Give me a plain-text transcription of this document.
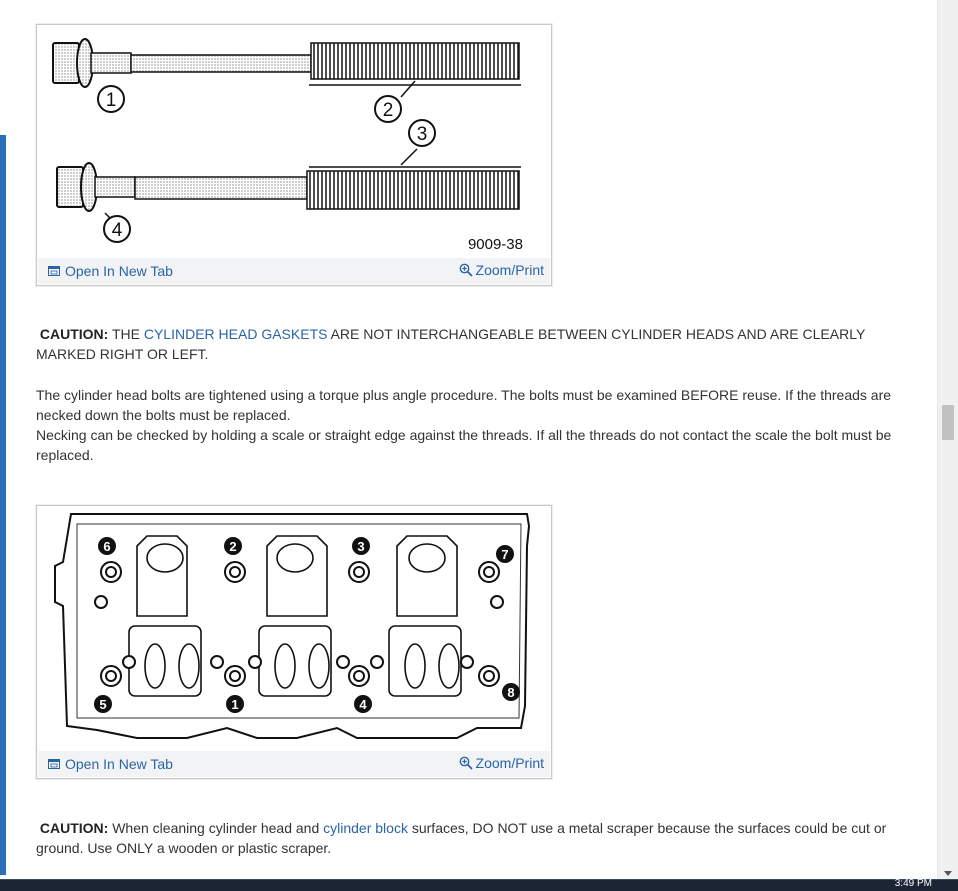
1	2
3
4
9009-38
Open In New Tab	Zoom/Print
CAUTION: THE CYLINDER HEAD GASKETS ARE NOT INTERCHANGEABLE BETWEEN CYLINDER HEADS AND ARE CLEARLY MARKED RIGHT OR LEFT.
The cylinder head bolts are tightened using a torque plus angle procedure. The bolts must be examined BEFORE reuse. If the threads are necked down the bolts must be replaced.
Necking can be checked by holding a scale or straight edge against the threads. If all the threads do not contact the scale the bolt must be replaced.
6	2	3
7
5	1	4
8
Open In New Tab	Zoom/Print
CAUTION: When cleaning cylinder head and cylinder block surfaces, DO NOT use a metal scraper because the surfaces could be cut or ground. Use ONLY a wooden or plastic scraper.
3:49 PM
